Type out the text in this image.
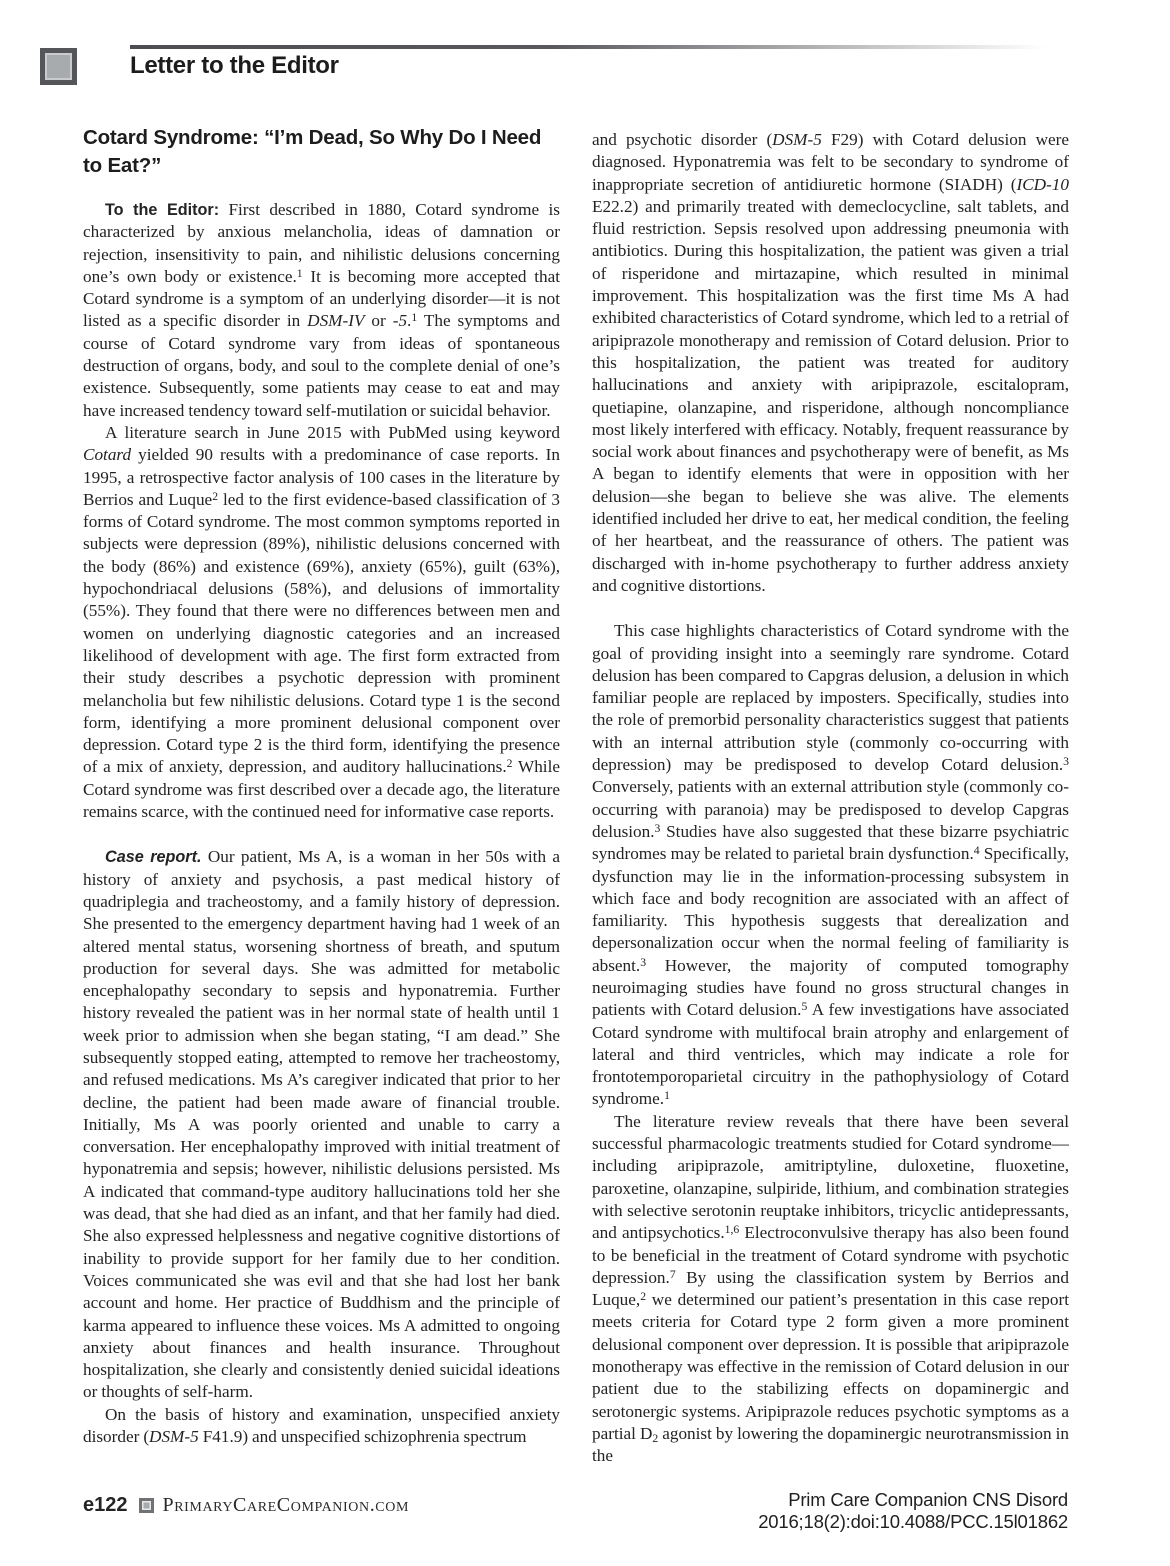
Letter to the Editor
Cotard Syndrome: “I’m Dead, So Why Do I Need to Eat?”

To the Editor: First described in 1880, Cotard syndrome is characterized by anxious melancholia, ideas of damnation or rejection, insensitivity to pain, and nihilistic delusions concerning one’s own body or existence.$^1$ It is becoming more accepted that Cotard syndrome is a symptom of an underlying disorder—it is not listed as a specific disorder in DSM-IV or -5.$^1$ The symptoms and course of Cotard syndrome vary from ideas of spontaneous destruction of organs, body, and soul to the complete denial of one’s existence. Subsequently, some patients may cease to eat and may have increased tendency toward self-mutilation or suicidal behavior.

A literature search in June 2015 with PubMed using keyword Cotard yielded 90 results with a predominance of case reports. In 1995, a retrospective factor analysis of 100 cases in the literature by Berrios and Luque$^2$ led to the first evidence-based classification of 3 forms of Cotard syndrome. The most common symptoms reported in subjects were depression (89%), nihilistic delusions concerned with the body (86%) and existence (69%), anxiety (65%), guilt (63%), hypochondriacal delusions (58%), and delusions of immortality (55%). They found that there were no differences between men and women on underlying diagnostic categories and an increased likelihood of development with age. The first form extracted from their study describes a psychotic depression with prominent melancholia but few nihilistic delusions. Cotard type 1 is the second form, identifying a more prominent delusional component over depression. Cotard type 2 is the third form, identifying the presence of a mix of anxiety, depression, and auditory hallucinations.$^2$ While Cotard syndrome was first described over a decade ago, the literature remains scarce, with the continued need for informative case reports.

Case report. Our patient, Ms A, is a woman in her 50s with a history of anxiety and psychosis, a past medical history of quadriplegia and tracheostomy, and a family history of depression. She presented to the emergency department having had 1 week of an altered mental status, worsening shortness of breath, and sputum production for several days. She was admitted for metabolic encephalopathy secondary to sepsis and hyponatremia. Further history revealed the patient was in her normal state of health until 1 week prior to admission when she began stating, “I am dead.” She subsequently stopped eating, attempted to remove her tracheostomy, and refused medications. Ms A’s caregiver indicated that prior to her decline, the patient had been made aware of financial trouble. Initially, Ms A was poorly oriented and unable to carry a conversation. Her encephalopathy improved with initial treatment of hyponatremia and sepsis; however, nihilistic delusions persisted. Ms A indicated that command-type auditory hallucinations told her she was dead, that she had died as an infant, and that her family had died. She also expressed helplessness and negative cognitive distortions of inability to provide support for her family due to her condition. Voices communicated she was evil and that she had lost her bank account and home. Her practice of Buddhism and the principle of karma appeared to influence these voices. Ms A admitted to ongoing anxiety about finances and health insurance. Throughout hospitalization, she clearly and consistently denied suicidal ideations or thoughts of self-harm.

On the basis of history and examination, unspecified anxiety disorder (DSM-5 F41.9) and unspecified schizophrenia spectrum

and psychotic disorder (DSM-5 F29) with Cotard delusion were diagnosed. Hyponatremia was felt to be secondary to syndrome of inappropriate secretion of antidiuretic hormone (SIADH) (ICD-10 E22.2) and primarily treated with demeclocycline, salt tablets, and fluid restriction. Sepsis resolved upon addressing pneumonia with antibiotics. During this hospitalization, the patient was given a trial of risperidone and mirtazapine, which resulted in minimal improvement. This hospitalization was the first time Ms A had exhibited characteristics of Cotard syndrome, which led to a retrial of aripiprazole monotherapy and remission of Cotard delusion. Prior to this hospitalization, the patient was treated for auditory hallucinations and anxiety with aripiprazole, escitalopram, quetiapine, olanzapine, and risperidone, although noncompliance most likely interfered with efficacy. Notably, frequent reassurance by social work about finances and psychotherapy were of benefit, as Ms A began to identify elements that were in opposition with her delusion—she began to believe she was alive. The elements identified included her drive to eat, her medical condition, the feeling of her heartbeat, and the reassurance of others. The patient was discharged with in-home psychotherapy to further address anxiety and cognitive distortions.

This case highlights characteristics of Cotard syndrome with the goal of providing insight into a seemingly rare syndrome. Cotard delusion has been compared to Capgras delusion, a delusion in which familiar people are replaced by imposters. Specifically, studies into the role of premorbid personality characteristics suggest that patients with an internal attribution style (commonly co-occurring with depression) may be predisposed to develop Cotard delusion.$^3$ Conversely, patients with an external attribution style (commonly co-occurring with paranoia) may be predisposed to develop Capgras delusion.$^3$ Studies have also suggested that these bizarre psychiatric syndromes may be related to parietal brain dysfunction.$^4$ Specifically, dysfunction may lie in the information-processing subsystem in which face and body recognition are associated with an affect of familiarity. This hypothesis suggests that derealization and depersonalization occur when the normal feeling of familiarity is absent.$^3$ However, the majority of computed tomography neuroimaging studies have found no gross structural changes in patients with Cotard delusion.$^5$ A few investigations have associated Cotard syndrome with multifocal brain atrophy and enlargement of lateral and third ventricles, which may indicate a role for frontotemporoparietal circuitry in the pathophysiology of Cotard syndrome.$^1$

The literature review reveals that there have been several successful pharmacologic treatments studied for Cotard syndrome—including aripiprazole, amitriptyline, duloxetine, fluoxetine, paroxetine, olanzapine, sulpiride, lithium, and combination strategies with selective serotonin reuptake inhibitors, tricyclic antidepressants, and antipsychotics.$^{1,6}$ Electroconvulsive therapy has also been found to be beneficial in the treatment of Cotard syndrome with psychotic depression.$^7$ By using the classification system by Berrios and Luque,$^2$ we determined our patient’s presentation in this case report meets criteria for Cotard type 2 form given a more prominent delusional component over depression. It is possible that aripiprazole monotherapy was effective in the remission of Cotard delusion in our patient due to the stabilizing effects on dopaminergic and serotonergic systems. Aripiprazole reduces psychotic symptoms as a partial $D_2$ agonist by lowering the dopaminergic neurotransmission in the

e122 PrimaryCareCompanion.com	Prim Care Companion CNS Disord
2016;18(2):doi:10.4088/PCC.15l01862
